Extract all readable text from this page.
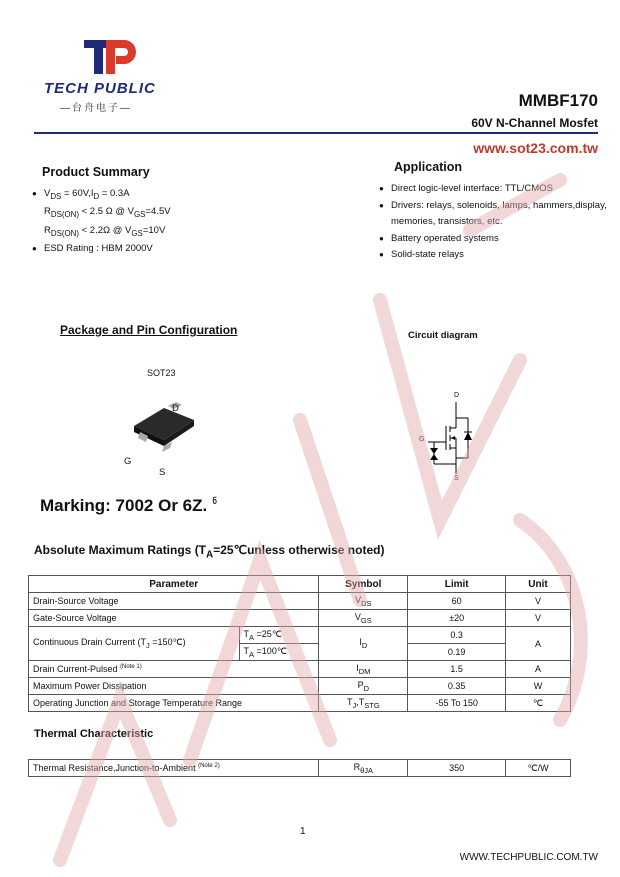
TECH PUBLIC
—台舟电子—	MMBF170
60V N-Channel Mosfet
www.sot23.com.tw
Product Summary
● $V_{DS} = 60V,I_D = 0.3A$
$R_{DS(ON)} < 2.5$ Ω @ $V_{GS}=4.5V$
$R_{DS(ON)} < 2.2\Omega$ @ $V_{GS}=10V$
● ESD Rating : HBM 2000V
Application
● Direct logic-level interface: TTL/CMOS
● Drivers: relays, solenoids, lamps, hammers,display,
memories, transistors, etc.
● Battery operated systems
● Solid-state relays
Package and Pin Configuration
SOT23
D
G
S
Circuit diagram
D
G
S
Marking: 7002 Or 6Z. ჼ
Absolute Maximum Ratings ($T_A=25℃unless$ otherwise noted)
Parameter		Symbol	Limit	Unit
Drain-Source Voltage		$V_{DS}$	60	V
Gate-Source Voltage		$V_{GS}$	±20	V
Continuous Drain Current ($T_J$ =150℃)	$T_A$ =25℃	$I_D$	0.3	A
	$T_A$ =100℃		0.19	
Drain Current-Pulsed $^{(Note 1)}$		$I_{DM}$	1.5	A
Maximum Power Dissipation		$P_D$	0.35	W
Operating Junction and Storage Temperature Range		$T_J,T_{STG}$	-55 To 150	℃
Thermal Characteristic
Thermal Resistance,Junction-to-Ambient $^{(Note 2)}$	$R_{\theta JA}$	350	℃/W
1
WWW.TECHPUBLIC.COM.TW
